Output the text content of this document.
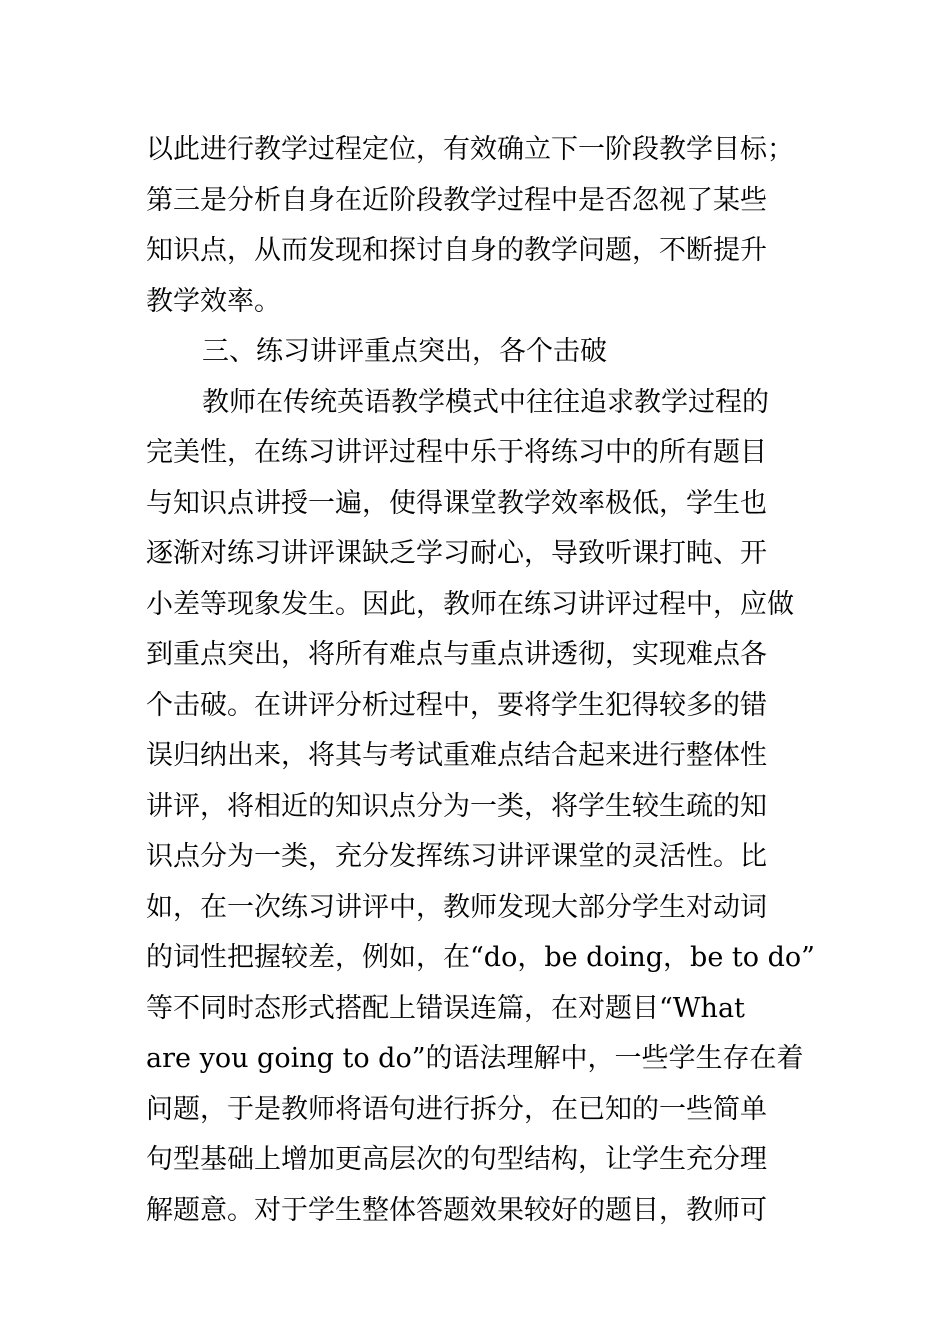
以此进行教学过程定位，有效确立下一阶段教学目标；
第三是分析自身在近阶段教学过程中是否忽视了某些
知识点，从而发现和探讨自身的教学问题，不断提升
教学效率。
三、练习讲评重点突出，各个击破
教师在传统英语教学模式中往往追求教学过程的
完美性，在练习讲评过程中乐于将练习中的所有题目
与知识点讲授一遍，使得课堂教学效率极低，学生也
逐渐对练习讲评课缺乏学习耐心，导致听课打盹、开
小差等现象发生。因此，教师在练习讲评过程中，应做
到重点突出，将所有难点与重点讲透彻，实现难点各
个击破。在讲评分析过程中，要将学生犯得较多的错
误归纳出来，将其与考试重难点结合起来进行整体性
讲评，将相近的知识点分为一类，将学生较生疏的知
识点分为一类，充分发挥练习讲评课堂的灵活性。比
如，在一次练习讲评中，教师发现大部分学生对动词
的词性把握较差，例如，在“do，be doing，be to do”
等不同时态形式搭配上错误连篇，在对题目“What
are you going to do”的语法理解中，一些学生存在着
问题，于是教师将语句进行拆分，在已知的一些简单
句型基础上增加更高层次的句型结构，让学生充分理
解题意。对于学生整体答题效果较好的题目，教师可
